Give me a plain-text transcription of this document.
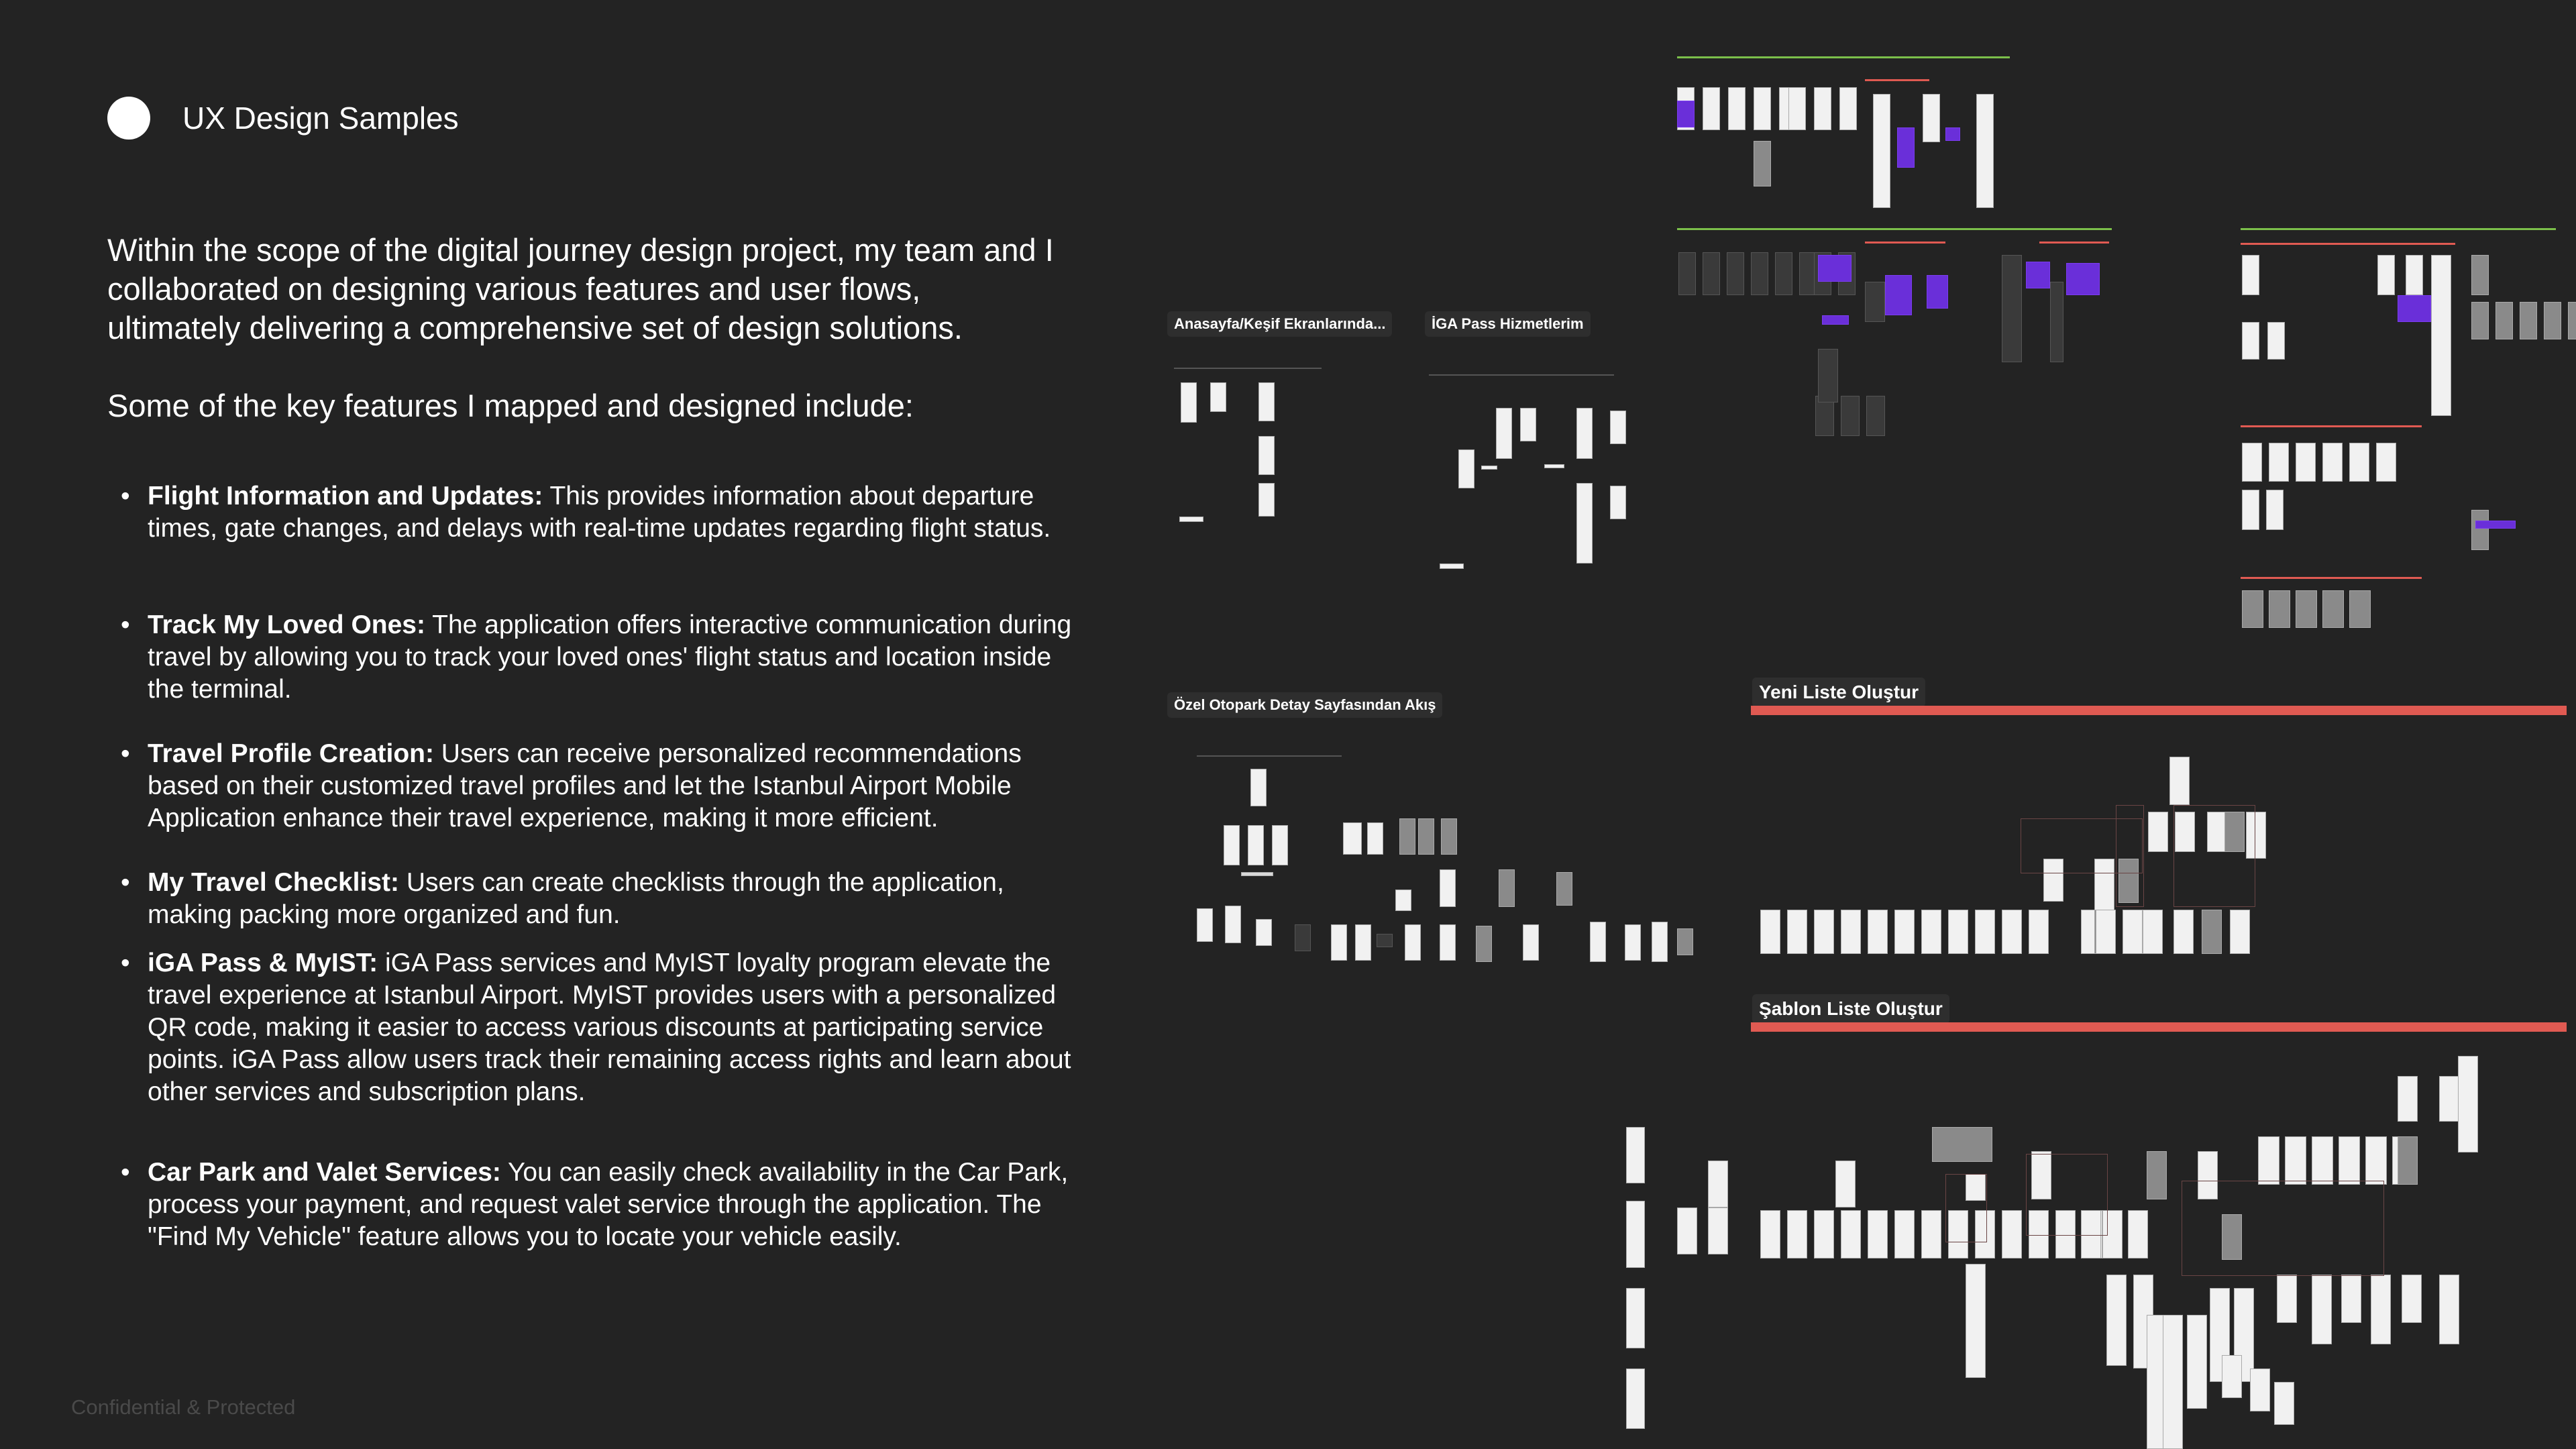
UX Design Samples
Within the scope of the digital journey design project, my team and I collaborated on designing various features and user flows, ultimately delivering a comprehensive set of design solutions.
Some of the key features I mapped and designed include:
• Flight Information and Updates: This provides information about departure times, gate changes, and delays with real-time updates regarding flight status.
• Track My Loved Ones: The application offers interactive communication during travel by allowing you to track your loved ones' flight status and location inside the terminal.
• Travel Profile Creation: Users can receive personalized recommendations based on their customized travel profiles and let the Istanbul Airport Mobile Application enhance their travel experience, making it more efficient.
• My Travel Checklist: Users can create checklists through the application, making packing more organized and fun.
• iGA Pass & MyIST: iGA Pass services and MyIST loyalty program elevate the travel experience at Istanbul Airport. MyIST provides users with a personalized QR code, making it easier to access various discounts at participating service points. iGA Pass allow users track their remaining access rights and learn about other services and subscription plans.
• Car Park and Valet Services: You can easily check availability in the Car Park, process your payment, and request valet service through the application. The "Find My Vehicle" feature allows you to locate your vehicle easily.
Confidential & Protected
Anasayfa/Keşif Ekranlarında...	İGA Pass Hizmetlerim
Özel Otopark Detay Sayfasından Akış
Yeni Liste Oluştur
Şablon Liste Oluştur
